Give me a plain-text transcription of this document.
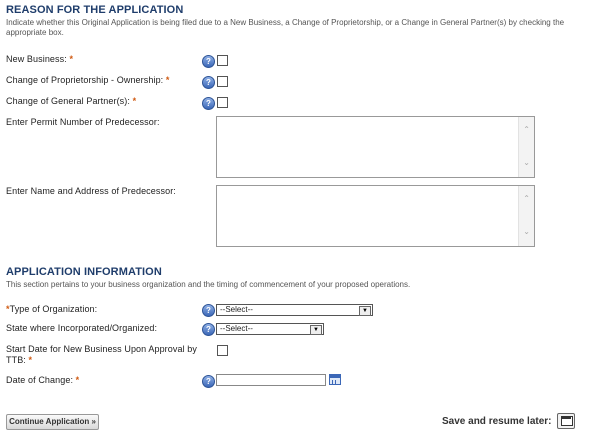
REASON FOR THE APPLICATION
Indicate whether this Original Application is being filed due to a New Business, a Change of Proprietorship, or a Change in General Partner(s) by checking the appropriate box.
New Business: *	?
Change of Proprietorship - Ownership: *	?
Change of General Partner(s): *	?
Enter Permit Number of Predecessor:
⌃
⌄
Enter Name and Address of Predecessor:
⌃
⌄
APPLICATION INFORMATION
This section pertains to your business organization and the timing of commencement of your proposed operations.
*Type of Organization:	?	--Select--	▼
State where Incorporated/Organized:	?	--Select--	▼
Start Date for New Business Upon Approval by TTB: *
Date of Change: *	?
Continue Application »	Save and resume later:
